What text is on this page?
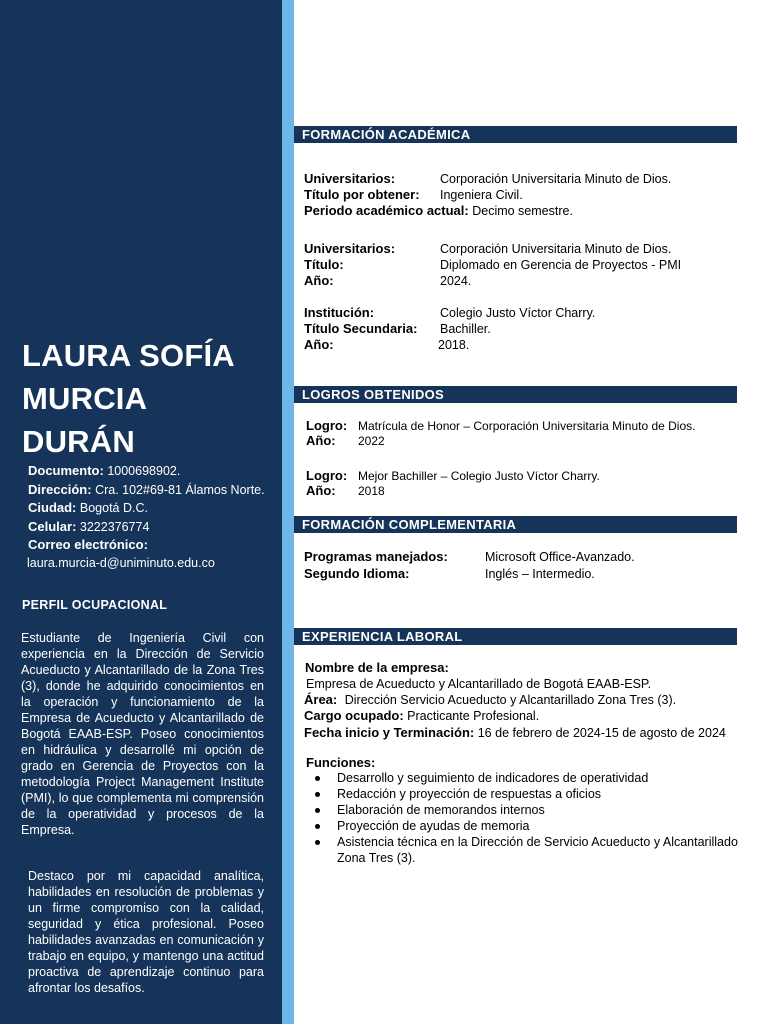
LAURA SOFÍA
MURCIA
DURÁN
Documento: 1000698902.
Dirección: Cra. 102#69-81 Álamos Norte.
Ciudad: Bogotá D.C.
Celular: 3222376774
Correo electrónico:
laura.murcia-d@uniminuto.edu.co
PERFIL OCUPACIONAL
Estudiante de Ingeniería Civil con experiencia en la Dirección de Servicio Acueducto y Alcantarillado de la Zona Tres (3), donde he adquirido conocimientos en la operación y funcionamiento de la Empresa de Acueducto y Alcantarillado de Bogotá EAAB-ESP. Poseo conocimientos en hidráulica y desarrollé mi opción de grado en Gerencia de Proyectos con la metodología Project Management Institute (PMI), lo que complementa mi comprensión de la operatividad y procesos de la Empresa.
Destaco por mi capacidad analítica, habilidades en resolución de problemas y un firme compromiso con la calidad, seguridad y ética profesional. Poseo habilidades avanzadas en comunicación y trabajo en equipo, y mantengo una actitud proactiva de aprendizaje continuo para afrontar los desafíos.
FORMACIÓN ACADÉMICA
Universitarios:	Corporación Universitaria Minuto de Dios.
Título por obtener: Ingeniera Civil.
Periodo académico actual: Decimo semestre.
Universitarios:	Corporación Universitaria Minuto de Dios.
Título:	Diplomado en Gerencia de Proyectos - PMI
Año:	2024.
Institución:	Colegio Justo Víctor Charry.
Título Secundaria: Bachiller.
Año:	2018.
LOGROS OBTENIDOS
Logro: Matrícula de Honor – Corporación Universitaria Minuto de Dios.
Año: 2022
Logro: Mejor Bachiller – Colegio Justo Víctor Charry.
Año: 2018
FORMACIÓN COMPLEMENTARIA
Programas manejados:	Microsoft Office-Avanzado.
Segundo Idioma:	Inglés – Intermedio.
EXPERIENCIA LABORAL
Nombre de la empresa:
Empresa de Acueducto y Alcantarillado de Bogotá EAAB-ESP.
Área: Dirección Servicio Acueducto y Alcantarillado Zona Tres (3).
Cargo ocupado: Practicante Profesional.
Fecha inicio y Terminación: 16 de febrero de 2024-15 de agosto de 2024
Funciones:
Desarrollo y seguimiento de indicadores de operatividad
Redacción y proyección de respuestas a oficios
Elaboración de memorandos internos
Proyección de ayudas de memoria
Asistencia técnica en la Dirección de Servicio Acueducto y Alcantarillado Zona Tres (3).
